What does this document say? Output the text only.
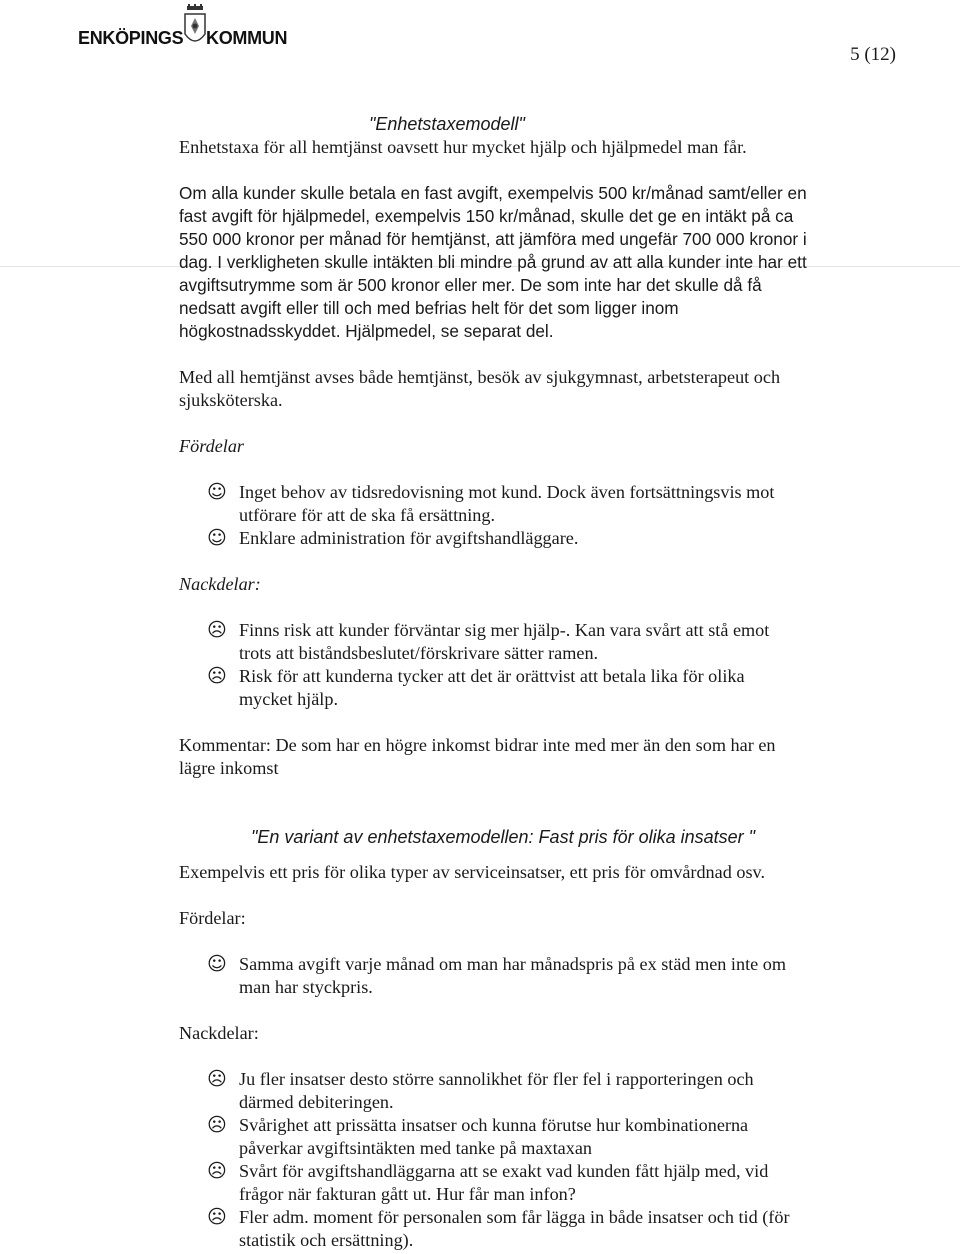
ENKÖPINGS KOMMUN
5 (12)

"Enhetstaxemodell"

Enhetstaxa för all hemtjänst oavsett hur mycket hjälp och hjälpmedel man får.

Om alla kunder skulle betala en fast avgift, exempelvis 500 kr/månad samt/eller en
fast avgift för hjälpmedel, exempelvis 150 kr/månad, skulle det ge en intäkt på ca
550 000 kronor per månad för hemtjänst, att jämföra med ungefär 700 000 kronor i
dag. I verkligheten skulle intäkten bli mindre på grund av att alla kunder inte har ett
avgiftsutrymme som är 500 kronor eller mer. De som inte har det skulle då få
nedsatt avgift eller till och med befrias helt för det som ligger inom
högkostnadsskyddet. Hjälpmedel, se separat del.
Med all hemtjänst avses både hemtjänst, besök av sjukgymnast, arbetsterapeut och
sjuksköterska.

Fördelar

☺ Inget behov av tidsredovisning mot kund. Dock även fortsättningsvis mot
utförare för att de ska få ersättning.
☺ Enklare administration för avgiftshandläggare.

Nackdelar:

☹ Finns risk att kunder förväntar sig mer hjälp-. Kan vara svårt att stå emot
trots att biståndsbeslutet/förskrivare sätter ramen.
☹ Risk för att kunderna tycker att det är orättvist att betala lika för olika
mycket hjälp.
Kommentar: De som har en högre inkomst bidrar inte med mer än den som har en
lägre inkomst

"En variant av enhetstaxemodellen: Fast pris för olika insatser "

Exempelvis ett pris för olika typer av serviceinsatser, ett pris för omvårdnad osv.

Fördelar:

☺ Samma avgift varje månad om man har månadspris på ex städ men inte om
man har styckpris.

Nackdelar:

☹ Ju fler insatser desto större sannolikhet för fler fel i rapporteringen och
därmed debiteringen.
☹ Svårighet att prissätta insatser och kunna förutse hur kombinationerna
påverkar avgiftsintäkten med tanke på maxtaxan
☹ Svårt för avgiftshandläggarna att se exakt vad kunden fått hjälp med, vid
frågor när fakturan gått ut. Hur får man infon?
☹ Fler adm. moment för personalen som får lägga in både insatser och tid (för
statistik och ersättning).
